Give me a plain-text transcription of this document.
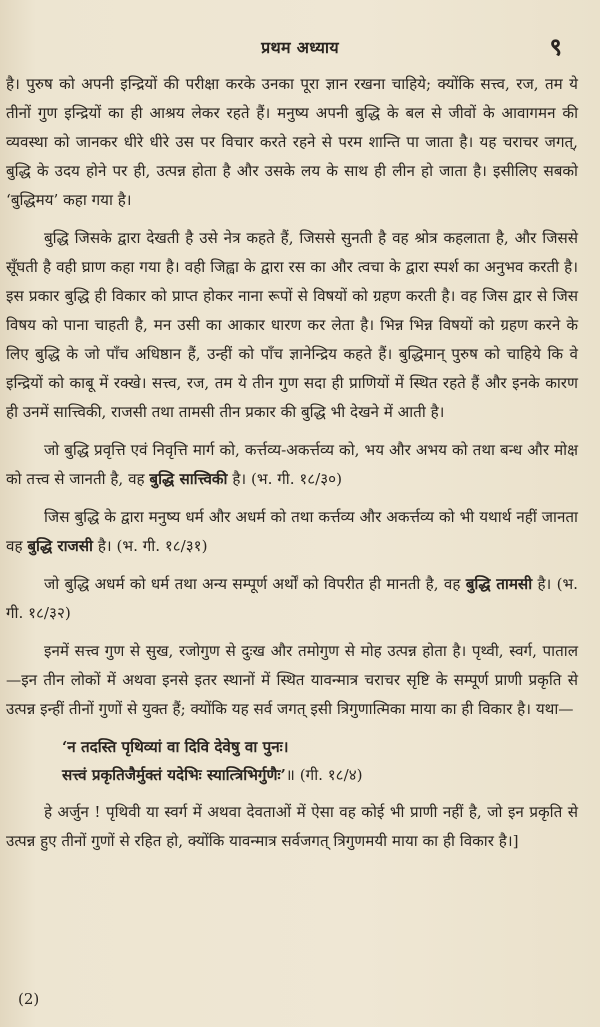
प्रथम अध्याय	९

है। पुरुष को अपनी इन्द्रियों की परीक्षा करके उनका पूरा ज्ञान रखना चाहिये; क्योंकि सत्त्व, रज, तम ये तीनों गुण इन्द्रियों का ही आश्रय लेकर रहते हैं। मनुष्य अपनी बुद्धि के बल से जीवों के आवागमन की व्यवस्था को जानकर धीरे धीरे उस पर विचार करते रहने से परम शान्ति पा जाता है। यह चराचर जगत्, बुद्धि के उदय होने पर ही, उत्पन्न होता है और उसके लय के साथ ही लीन हो जाता है। इसीलिए सबको ‘बुद्धिमय’ कहा गया है।

बुद्धि जिसके द्वारा देखती है उसे नेत्र कहते हैं, जिससे सुनती है वह श्रोत्र कहलाता है, और जिससे सूँघती है वही घ्राण कहा गया है। वही जिह्वा के द्वारा रस का और त्वचा के द्वारा स्पर्श का अनुभव करती है। इस प्रकार बुद्धि ही विकार को प्राप्त होकर नाना रूपों से विषयों को ग्रहण करती है। वह जिस द्वार से जिस विषय को पाना चाहती है, मन उसी का आकार धारण कर लेता है। भिन्न भिन्न विषयों को ग्रहण करने के लिए बुद्धि के जो पाँच अधिष्ठान हैं, उन्हीं को पाँच ज्ञानेन्द्रिय कहते हैं। बुद्धिमान् पुरुष को चाहिये कि वे इन्द्रियों को काबू में रक्खे। सत्त्व, रज, तम ये तीन गुण सदा ही प्राणियों में स्थित रहते हैं और इनके कारण ही उनमें सात्त्विकी, राजसी तथा तामसी तीन प्रकार की बुद्धि भी देखने में आती है।

जो बुद्धि प्रवृत्ति एवं निवृत्ति मार्ग को, कर्त्तव्य-अकर्त्तव्य को, भय और अभय को तथा बन्ध और मोक्ष को तत्त्व से जानती है, वह बुद्धि सात्त्विकी है। (भ. गी. १८/३०)

जिस बुद्धि के द्वारा मनुष्य धर्म और अधर्म को तथा कर्त्तव्य और अकर्त्तव्य को भी यथार्थ नहीं जानता वह बुद्धि राजसी है। (भ. गी. १८/३१)

जो बुद्धि अधर्म को धर्म तथा अन्य सम्पूर्ण अर्थों को विपरीत ही मानती है, वह बुद्धि तामसी है। (भ. गी. १८/३२)

इनमें सत्त्व गुण से सुख, रजोगुण से दुःख और तमोगुण से मोह उत्पन्न होता है। पृथ्वी, स्वर्ग, पाताल—इन तीन लोकों में अथवा इनसे इतर स्थानों में स्थित यावन्मात्र चराचर सृष्टि के सम्पूर्ण प्राणी प्रकृति से उत्पन्न इन्हीं तीनों गुणों से युक्त हैं; क्योंकि यह सर्व जगत् इसी त्रिगुणात्मिका माया का ही विकार है। यथा—

‘न तदस्ति पृथिव्यां वा दिवि देवेषु वा पुनः।
सत्त्वं प्रकृतिजैर्मुक्तं यदेभिः स्यात्त्रिभिर्गुणैः’॥ (गी. १८/४)

हे अर्जुन ! पृथिवी या स्वर्ग में अथवा देवताओं में ऐसा वह कोई भी प्राणी नहीं है, जो इन प्रकृति से उत्पन्न हुए तीनों गुणों से रहित हो, क्योंकि यावन्मात्र सर्वजगत् त्रिगुणमयी माया का ही विकार है।]

(2)
